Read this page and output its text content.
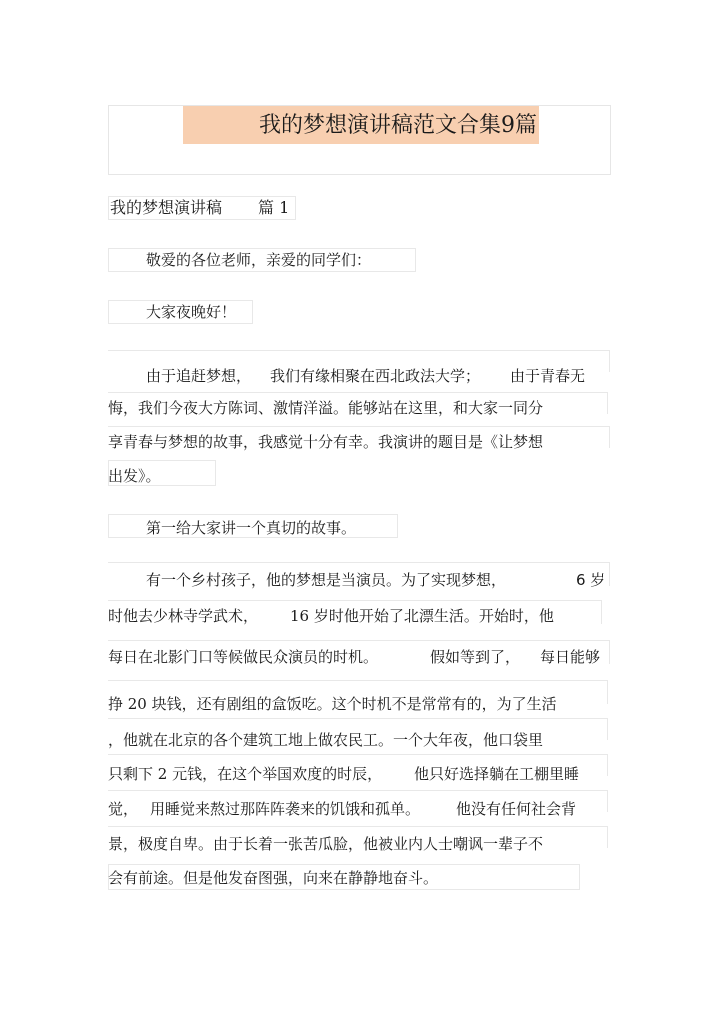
我的梦想演讲稿范文合集9篇
我的梦想演讲稿 篇 1
敬爱的各位老师，亲爱的同学们：
大家夜晚好！
由于追赶梦想， 我们有缘相聚在西北政法大学； 由于青春无
悔，我们今夜大方陈词、激情洋溢。能够站在这里，和大家一同分
享青春与梦想的故事，我感觉十分有幸。我演讲的题目是《让梦想
出发》。
第一给大家讲一个真切的故事。
有一个乡村孩子，他的梦想是当演员。为了实现梦想，	6 岁
时他去少林寺学武术， 16 岁时他开始了北漂生活。开始时，他
每日在北影门口等候做民众演员的时机。	假如等到了， 每日能够
挣 20 块钱，还有剧组的盒饭吃。这个时机不是常常有的，为了生活
，他就在北京的各个建筑工地上做农民工。一个大年夜，他口袋里
只剩下 2 元钱，在这个举国欢度的时辰， 他只好选择躺在工棚里睡
觉， 用睡觉来熬过那阵阵袭来的饥饿和孤单。 他没有任何社会背
景，极度自卑。由于长着一张苦瓜脸，他被业内人士嘲讽一辈子不
会有前途。但是他发奋图强，向来在静静地奋斗。
